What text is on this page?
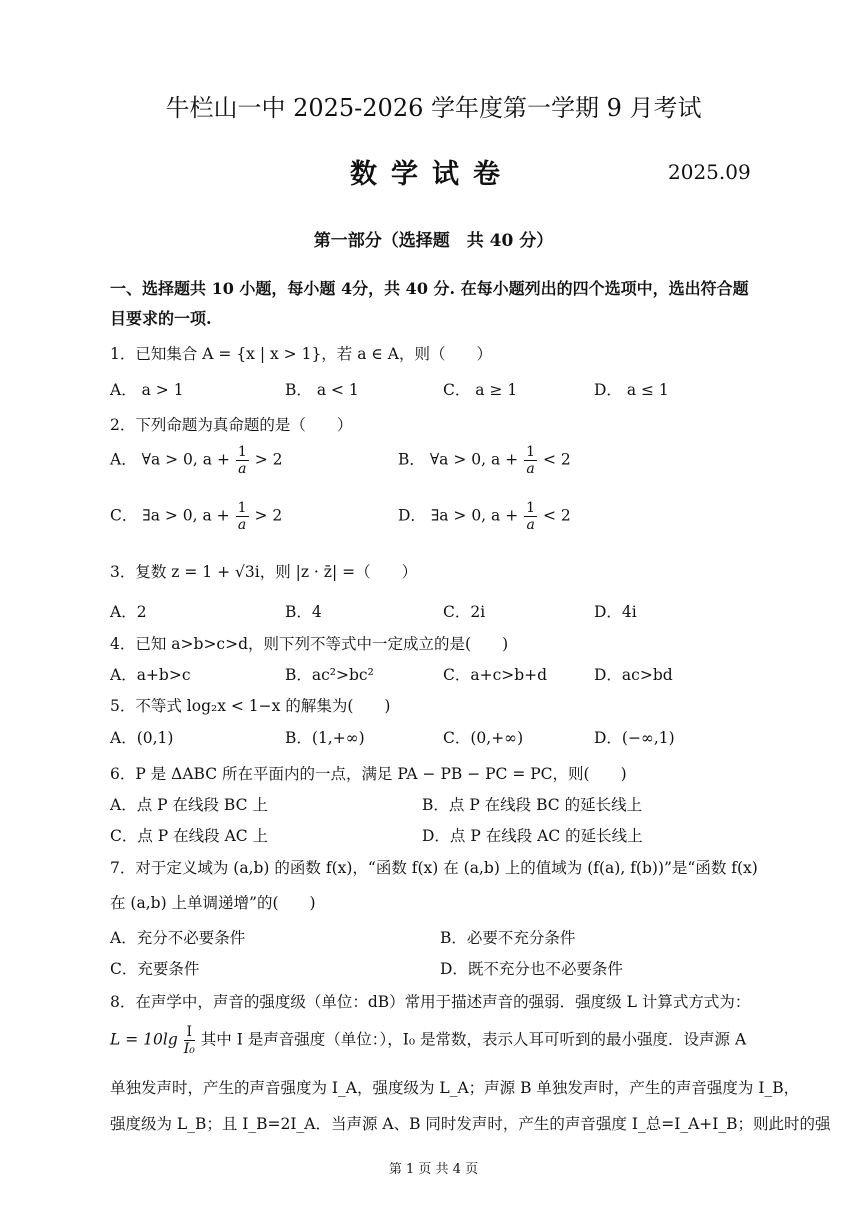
牛栏山一中 2025-2026 学年度第一学期 9 月考试
数学试卷	2025.09
第一部分（选择题　共 40 分）
一、选择题共 10 小题，每小题 4分，共 40 分. 在每小题列出的四个选项中，选出符合题目要求的一项.
1．已知集合 A = {x | x > 1}，若 a ∈ A，则（　　）
A． a > 1	B． a < 1	C． a ≥ 1	D． a ≤ 1
2．下列命题为真命题的是（　　）
A． ∀a > 0, $a + \frac{1}{a} > 2$	B． ∀a > 0, $a + \frac{1}{a} < 2$
C． ∃a > 0, $a + \frac{1}{a} > 2$	D． ∃a > 0, $a + \frac{1}{a} < 2$
3．复数 z = 1 + √3i，则 |z · z̄| =（　　）
A．2	B．4	C．2i	D．4i
4．已知 a>b>c>d，则下列不等式中一定成立的是(　　)
A．a+b>c	B．ac²>bc²	C．a+c>b+d	D．ac>bd
5．不等式 log₂x < 1−x 的解集为(　　)
A．(0,1)	B．(1,+∞)	C．(0,+∞)	D．(−∞,1)
6．P 是 ΔABC 所在平面内的一点，满足 PA − PB − PC = PC，则(　　)
A．点 P 在线段 BC 上	B．点 P 在线段 BC 的延长线上
C．点 P 在线段 AC 上	D．点 P 在线段 AC 的延长线上
7．对于定义域为 (a,b) 的函数 f(x)，“函数 f(x) 在 (a,b) 上的值域为 (f(a), f(b))”是“函数 f(x)
在 (a,b) 上单调递增”的(　　)
A．充分不必要条件	B．必要不充分条件
C．充要条件	D．既不充分也不必要条件
8．在声学中，声音的强度级（单位：dB）常用于描述声音的强弱．强度级 L 计算式方式为：
$L = 10\lg \frac{I}{\text{I₀}}$ 其中 I 是声音强度（单位：），I₀ 是常数，表示人耳可听到的最小强度．设声源 A
单独发声时，产生的声音强度为 I_A，强度级为 L_A；声源 B 单独发声时，产生的声音强度为 I_B，
强度级为 L_B；且 I_B=2I_A．当声源 A、B 同时发声时，产生的声音强度 I_总=I_A+I_B；则此时的强
第 1 页 共 4 页
